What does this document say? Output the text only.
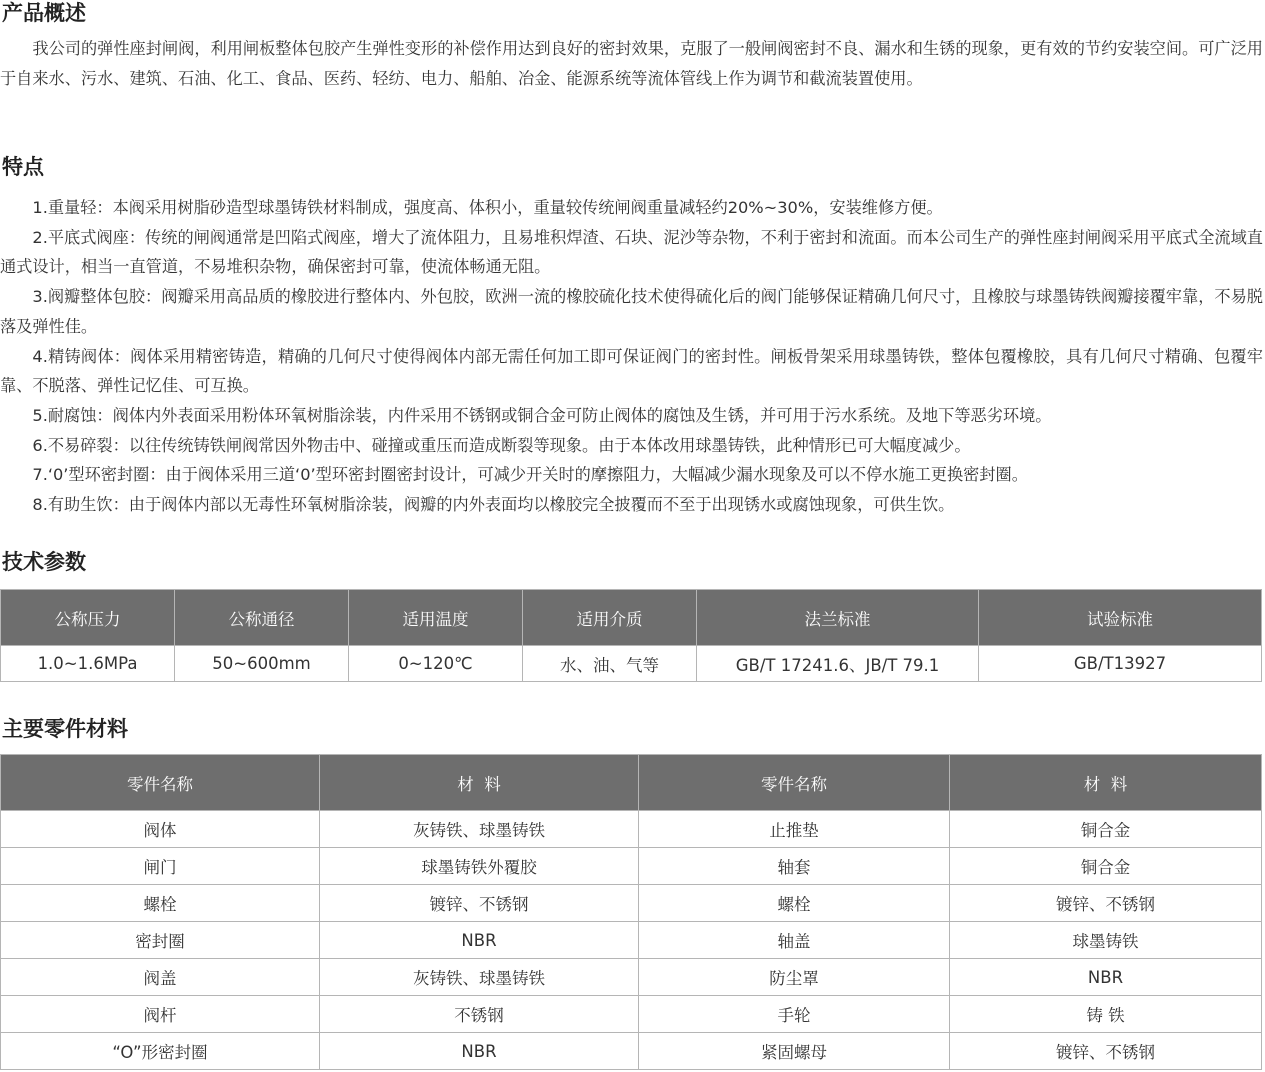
产品概述

我公司的弹性座封闸阀，利用闸板整体包胶产生弹性变形的补偿作用达到良好的密封效果，克服了一般闸阀密封不良、漏水和生锈的现象，更有效的节约安装空间。可广泛用于自来水、污水、建筑、石油、化工、食品、医药、轻纺、电力、船舶、冶金、能源系统等流体管线上作为调节和截流装置使用。

特点

1.重量轻：本阀采用树脂砂造型球墨铸铁材料制成，强度高、体积小，重量较传统闸阀重量减轻约20%~30%，安装维修方便。

2.平底式阀座：传统的闸阀通常是凹陷式阀座，增大了流体阻力，且易堆积焊渣、石块、泥沙等杂物，不利于密封和流面。而本公司生产的弹性座封闸阀采用平底式全流域直通式设计，相当一直管道，不易堆积杂物，确保密封可靠，使流体畅通无阻。

3.阀瓣整体包胶：阀瓣采用高品质的橡胶进行整体内、外包胶，欧洲一流的橡胶硫化技术使得硫化后的阀门能够保证精确几何尺寸，且橡胶与球墨铸铁阀瓣接覆牢靠，不易脱落及弹性佳。

4.精铸阀体：阀体采用精密铸造，精确的几何尺寸使得阀体内部无需任何加工即可保证阀门的密封性。闸板骨架采用球墨铸铁，整体包覆橡胶，具有几何尺寸精确、包覆牢靠、不脱落、弹性记忆佳、可互换。

5.耐腐蚀：阀体内外表面采用粉体环氧树脂涂装，内件采用不锈钢或铜合金可防止阀体的腐蚀及生锈，并可用于污水系统。及地下等恶劣环境。

6.不易碎裂：以往传统铸铁闸阀常因外物击中、碰撞或重压而造成断裂等现象。由于本体改用球墨铸铁，此种情形已可大幅度减少。

7.‘0’型环密封圈：由于阀体采用三道‘0’型环密封圈密封设计，可减少开关时的摩擦阻力，大幅减少漏水现象及可以不停水施工更换密封圈。

8.有助生饮：由于阀体内部以无毒性环氧树脂涂装，阀瓣的内外表面均以橡胶完全披覆而不至于出现锈水或腐蚀现象，可供生饮。

技术参数
公称压力	公称通径	适用温度	适用介质	法兰标准	试验标准
1.0~1.6MPa	50~600mm	0~120℃	水、油、气等	GB/T 17241.6、JB/T 79.1	GB/T13927
主要零件材料
零件名称	材  料	零件名称	材  料
阀体	灰铸铁、球墨铸铁	止推垫	铜合金
闸门	球墨铸铁外覆胶	轴套	铜合金
螺栓	镀锌、不锈钢	螺栓	镀锌、不锈钢
密封圈	NBR	轴盖	球墨铸铁
阀盖	灰铸铁、球墨铸铁	防尘罩	NBR
阀杆	不锈钢	手轮	铸 铁
“O”形密封圈	NBR	紧固螺母	镀锌、不锈钢
